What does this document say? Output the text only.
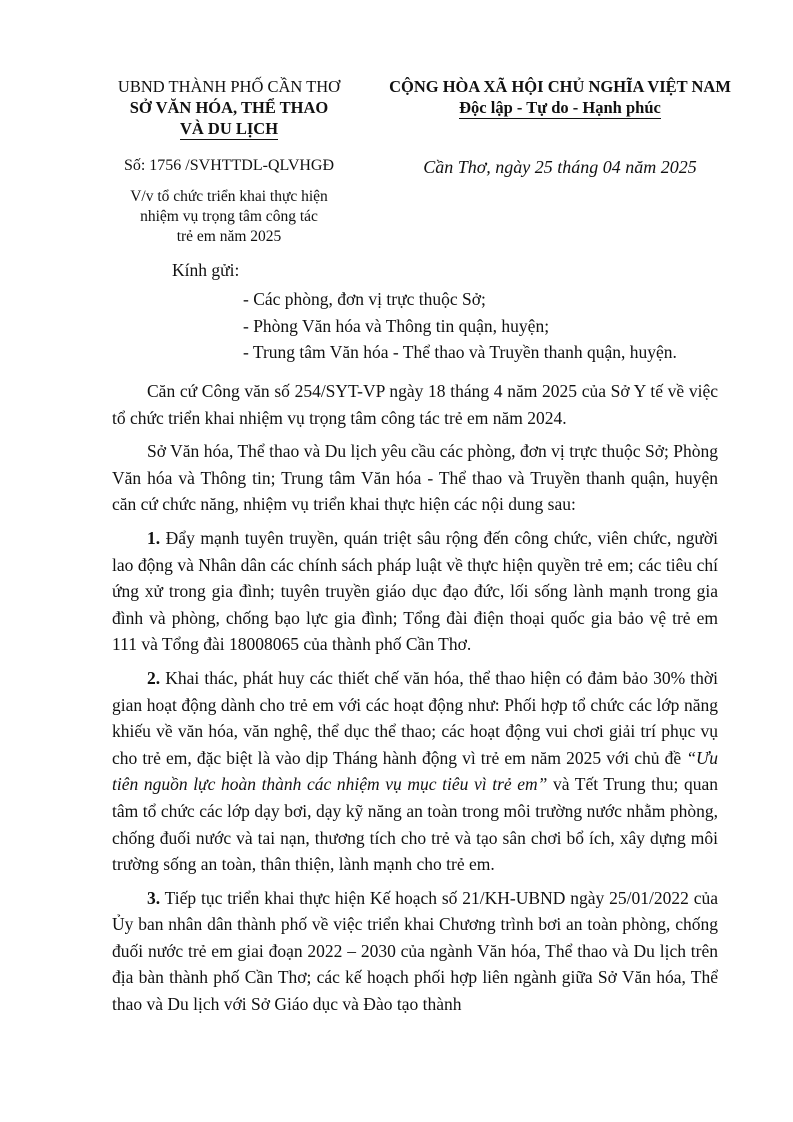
UBND THÀNH PHỐ CẦN THƠ
SỞ VĂN HÓA, THỂ THAO
VÀ DU LỊCH
CỘNG HÒA XÃ HỘI CHỦ NGHĨA VIỆT NAM
Độc lập - Tự do - Hạnh phúc
Số: 1756 /SVHTTDL-QLVHGĐ	Cần Thơ, ngày 25 tháng 04 năm 2025
V/v tổ chức triển khai thực hiện
nhiệm vụ trọng tâm công tác
trẻ em năm 2025
Kính gửi:
- Các phòng, đơn vị trực thuộc Sở;
- Phòng Văn hóa và Thông tin quận, huyện;
- Trung tâm Văn hóa - Thể thao và Truyền thanh quận, huyện.

Căn cứ Công văn số 254/SYT-VP ngày 18 tháng 4 năm 2025 của Sở Y tế về việc tổ chức triển khai nhiệm vụ trọng tâm công tác trẻ em năm 2024.

Sở Văn hóa, Thể thao và Du lịch yêu cầu các phòng, đơn vị trực thuộc Sở; Phòng Văn hóa và Thông tin; Trung tâm Văn hóa - Thể thao và Truyền thanh quận, huyện căn cứ chức năng, nhiệm vụ triển khai thực hiện các nội dung sau:

1. Đẩy mạnh tuyên truyền, quán triệt sâu rộng đến công chức, viên chức, người lao động và Nhân dân các chính sách pháp luật về thực hiện quyền trẻ em; các tiêu chí ứng xử trong gia đình; tuyên truyền giáo dục đạo đức, lối sống lành mạnh trong gia đình và phòng, chống bạo lực gia đình; Tổng đài điện thoại quốc gia bảo vệ trẻ em 111 và Tổng đài 18008065 của thành phố Cần Thơ.

2. Khai thác, phát huy các thiết chế văn hóa, thể thao hiện có đảm bảo 30% thời gian hoạt động dành cho trẻ em với các hoạt động như: Phối hợp tổ chức các lớp năng khiếu về văn hóa, văn nghệ, thể dục thể thao; các hoạt động vui chơi giải trí phục vụ cho trẻ em, đặc biệt là vào dịp Tháng hành động vì trẻ em năm 2025 với chủ đề “Ưu tiên nguồn lực hoàn thành các nhiệm vụ mục tiêu vì trẻ em” và Tết Trung thu; quan tâm tổ chức các lớp dạy bơi, dạy kỹ năng an toàn trong môi trường nước nhằm phòng, chống đuối nước và tai nạn, thương tích cho trẻ và tạo sân chơi bổ ích, xây dựng môi trường sống an toàn, thân thiện, lành mạnh cho trẻ em.

3. Tiếp tục triển khai thực hiện Kế hoạch số 21/KH-UBND ngày 25/01/2022 của Ủy ban nhân dân thành phố về việc triển khai Chương trình bơi an toàn phòng, chống đuối nước trẻ em giai đoạn 2022 – 2030 của ngành Văn hóa, Thể thao và Du lịch trên địa bàn thành phố Cần Thơ; các kế hoạch phối hợp liên ngành giữa Sở Văn hóa, Thể thao và Du lịch với Sở Giáo dục và Đào tạo thành
